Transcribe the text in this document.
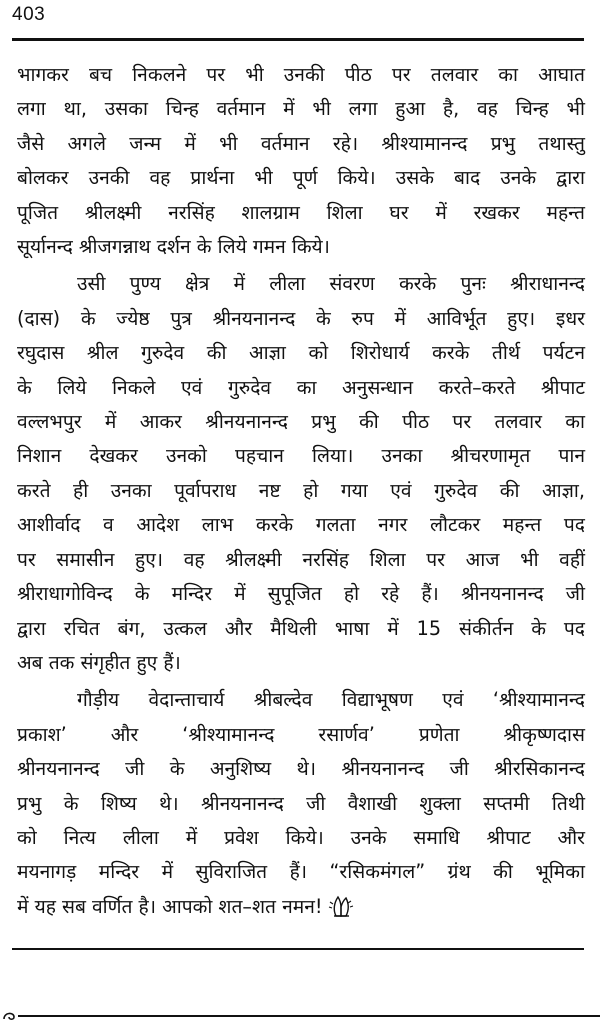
403

भागकर बच निकलने पर भी उनकी पीठ पर तलवार का आघात
लगा था, उसका चिन्ह वर्तमान में भी लगा हुआ है, वह चिन्ह भी
जैसे अगले जन्म में भी वर्तमान रहे। श्रीश्यामानन्द प्रभु तथास्तु
बोलकर उनकी वह प्रार्थना भी पूर्ण किये। उसके बाद उनके द्वारा
पूजित श्रीलक्ष्मी नरसिंह शालग्राम शिला घर में रखकर महन्त
सूर्यानन्द श्रीजगन्नाथ दर्शन के लिये गमन किये।

उसी पुण्य क्षेत्र में लीला संवरण करके पुनः श्रीराधानन्द
(दास) के ज्येष्ठ पुत्र श्रीनयनानन्द के रुप में आविर्भूत हुए। इधर
रघुदास श्रील गुरुदेव की आज्ञा को शिरोधार्य करके तीर्थ पर्यटन
के लिये निकले एवं गुरुदेव का अनुसन्धान करते–करते श्रीपाट
वल्लभपुर में आकर श्रीनयनानन्द प्रभु की पीठ पर तलवार का
निशान देखकर उनको पहचान लिया। उनका श्रीचरणामृत पान
करते ही उनका पूर्वापराध नष्ट हो गया एवं गुरुदेव की आज्ञा,
आशीर्वाद व आदेश लाभ करके गलता नगर लौटकर महन्त पद
पर समासीन हुए। वह श्रीलक्ष्मी नरसिंह शिला पर आज भी वहीं
श्रीराधागोविन्द के मन्दिर में सुपूजित हो रहे हैं। श्रीनयनानन्द जी
द्वारा रचित बंग, उत्कल और मैथिली भाषा में 15 संकीर्तन के पद
अब तक संगृहीत हुए हैं।

गौड़ीय वेदान्ताचार्य श्रीबल्देव विद्याभूषण एवं ‘श्रीश्यामानन्द
प्रकाश’ और ‘श्रीश्यामानन्द रसार्णव’ प्रणेता श्रीकृष्णदास
श्रीनयनानन्द जी के अनुशिष्य थे। श्रीनयनानन्द जी श्रीरसिकानन्द
प्रभु के शिष्य थे। श्रीनयनानन्द जी वैशाखी शुक्ला सप्तमी तिथी
को नित्य लीला में प्रवेश किये। उनके समाधि श्रीपाट और
मयनागड़ मन्दिर में सुविराजित हैं। “रसिकमंगल” ग्रंथ की भूमिका
में यह सब वर्णित है। आपको शत–शत नमन!
